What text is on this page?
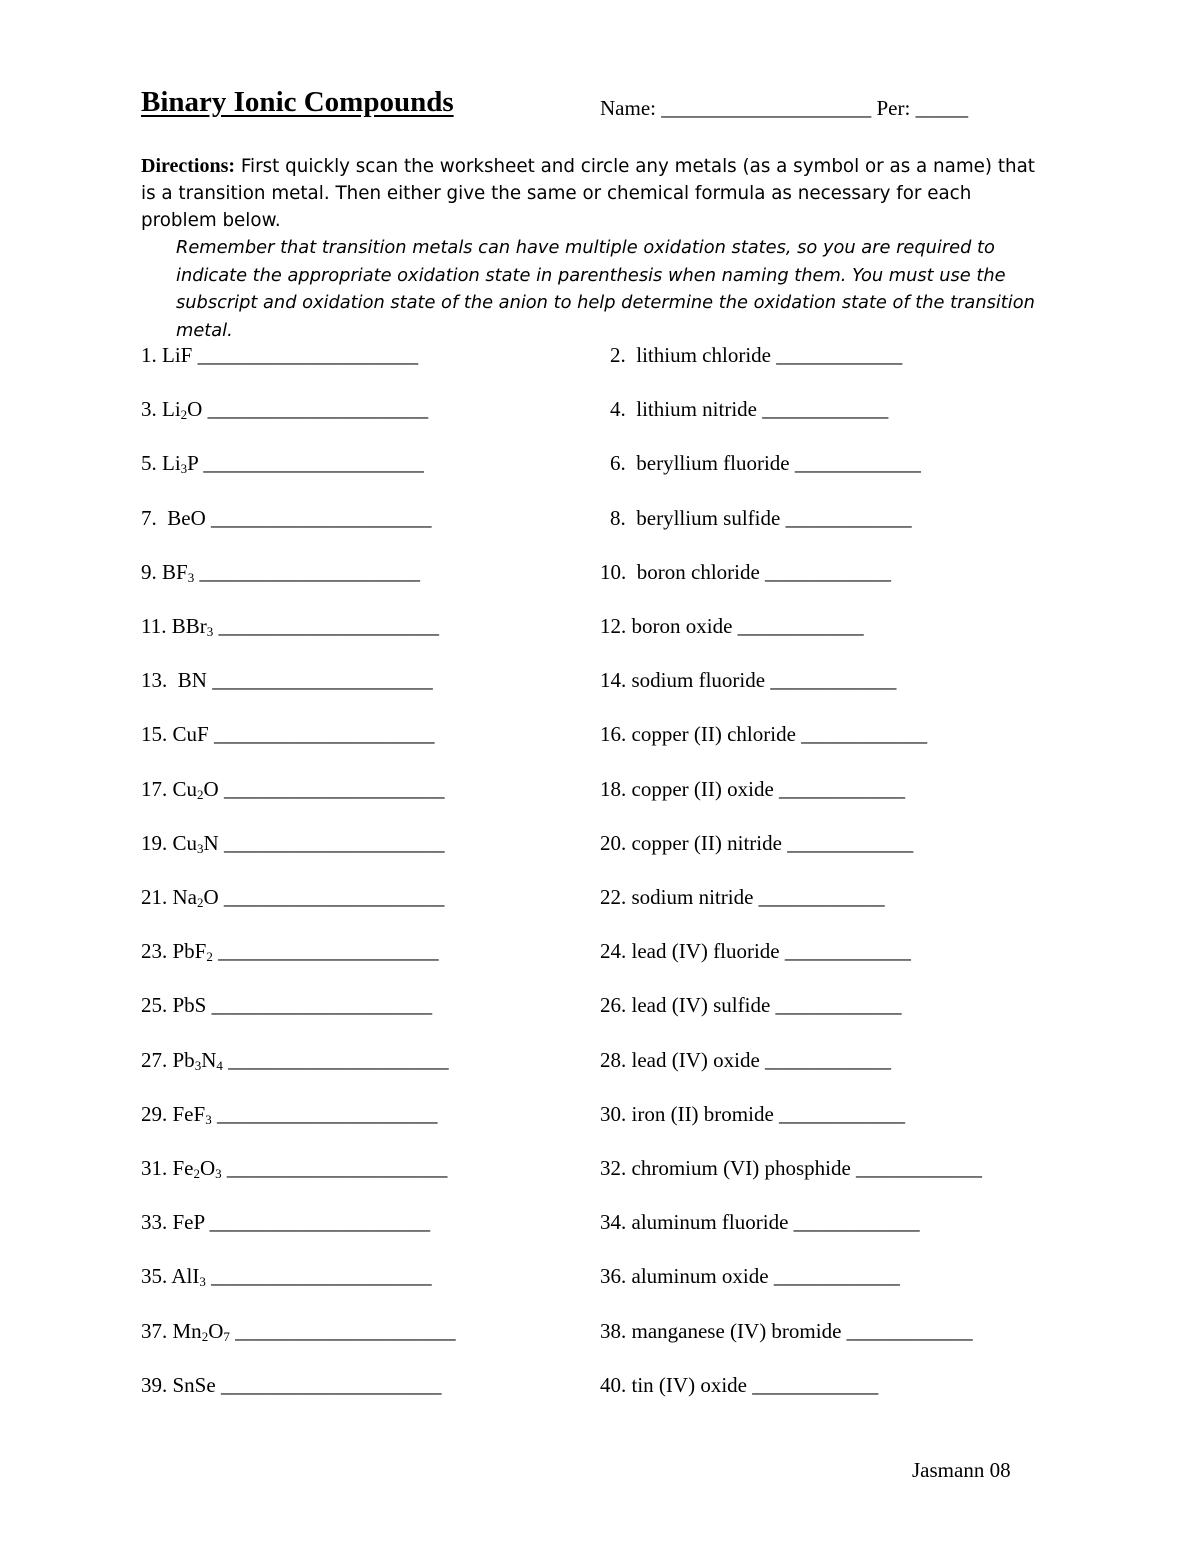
Binary Ionic Compounds	Name: ____________________ Per: _____
Directions: First quickly scan the worksheet and circle any metals (as a symbol or as a name) that is a transition metal. Then either give the same or chemical formula as necessary for each problem below.
Remember that transition metals can have multiple oxidation states, so you are required to indicate the appropriate oxidation state in parenthesis when naming them. You must use the subscript and oxidation state of the anion to help determine the oxidation state of the transition metal.
1. LiF _____________________
3. $Li_2O$ _____________________
5. $Li_3P$ _____________________
7.  BeO _____________________
9. $BF_3$ _____________________
11. BBr$_3$ _____________________
13.  BN _____________________
15. CuF _____________________
17. $Cu_2O$ _____________________
19. $Cu_3N$ _____________________
21. $Na_2O$ _____________________
23. PbF$_2$ _____________________
25. PbS _____________________
27. $Pb_3N_4$ _____________________
29. FeF$_3$ _____________________
31. $Fe_2O_3$ _____________________
33. FeP _____________________
35. AlI$_3$ _____________________
37. $Mn_2O_7$ _____________________
39. SnSe _____________________
2.  lithium chloride ____________
4.  lithium nitride ____________
6.  beryllium fluoride ____________
8.  beryllium sulfide ____________
10.  boron chloride ____________
12. boron oxide ____________
14. sodium fluoride ____________
16. copper (II) chloride ____________
18. copper (II) oxide ____________
20. copper (II) nitride ____________
22. sodium nitride ____________
24. lead (IV) fluoride ____________
26. lead (IV) sulfide ____________
28. lead (IV) oxide ____________
30. iron (II) bromide ____________
32. chromium (VI) phosphide ____________
34. aluminum fluoride ____________
36. aluminum oxide ____________
38. manganese (IV) bromide ____________
40. tin (IV) oxide ____________
Jasmann 08
